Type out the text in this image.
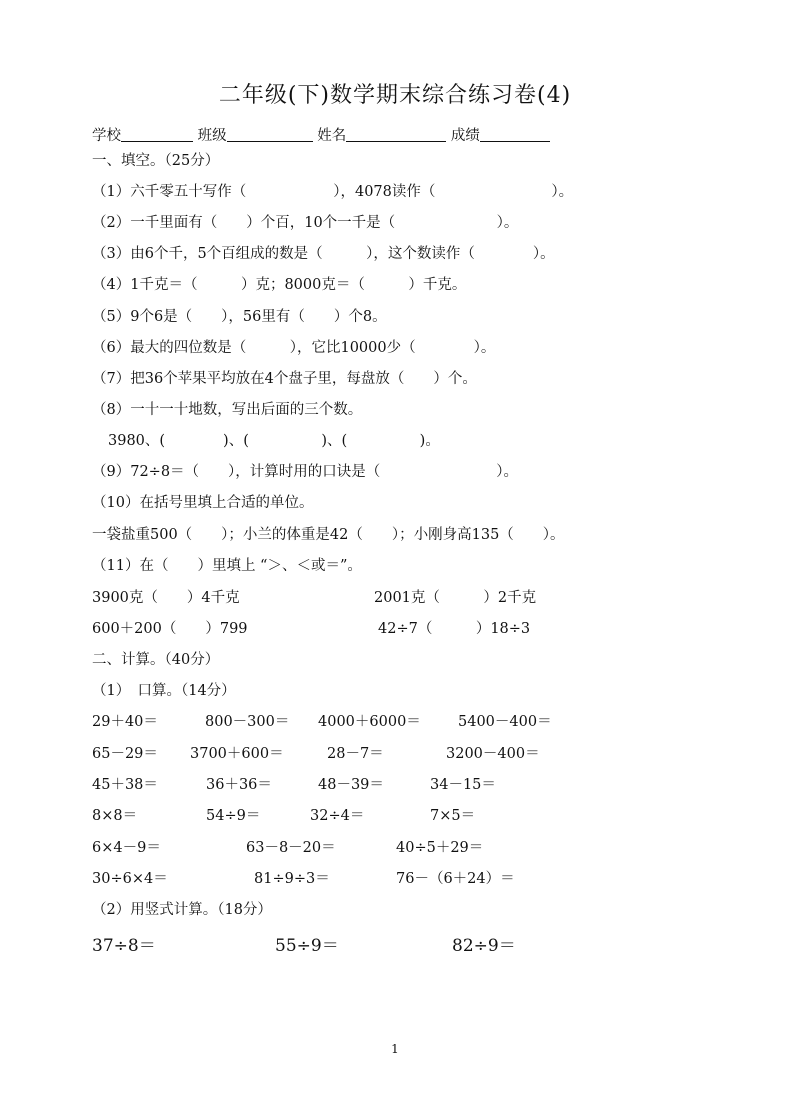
二年级(下)数学期末综合练习卷(4)
学校	班级	姓名	成绩
一、填空。（25分）
（1）六千零五十写作（　　　　　　），4078读作（　　　　　　　　）。
（2）一千里面有（　　）个百，10个一千是（　　　　　　　）。
（3）由6个千，5个百组成的数是（　　　），这个数读作（　　　　）。
（4）1千克＝（　　　）克；8000克＝（　　　）千克。
（5）9个6是（　　），56里有（　　）个8。
（6）最大的四位数是（　　　），它比10000少（　　　　）。
（7）把36个苹果平均放在4个盘子里，每盘放（　　）个。
（8）一十一十地数，写出后面的三个数。
3980、(　　　　)、(　　　　　)、(　　　　　)。
（9）72÷8＝（　　），计算时用的口诀是（　　　　　　　　）。
（10）在括号里填上合适的单位。
一袋盐重500（　　）；小兰的体重是42（　　）；小刚身高135（　　）。
（11）在（　　）里填上 “＞、＜或＝”。
3900克（　　）4千克	2001克（　　　）2千克
600＋200（　　）799	42÷7（　　　）18÷3
二、计算。（40分）
（1）　口算。（14分）
29＋40＝	800－300＝ 4000＋6000＝	5400－400＝
65－29＝ 3700＋600＝	28－7＝	3200－400＝
45＋38＝	36＋36＝	48－39＝	34－15＝
8×8＝	54÷9＝	32÷4＝	7×5＝
6×4－9＝	63－8－20＝	40÷5＋29＝
30÷6×4＝	81÷9÷3＝	76－（6＋24）＝
（2）用竖式计算。（18分）
37÷8＝	55÷9＝	82÷9＝
1
